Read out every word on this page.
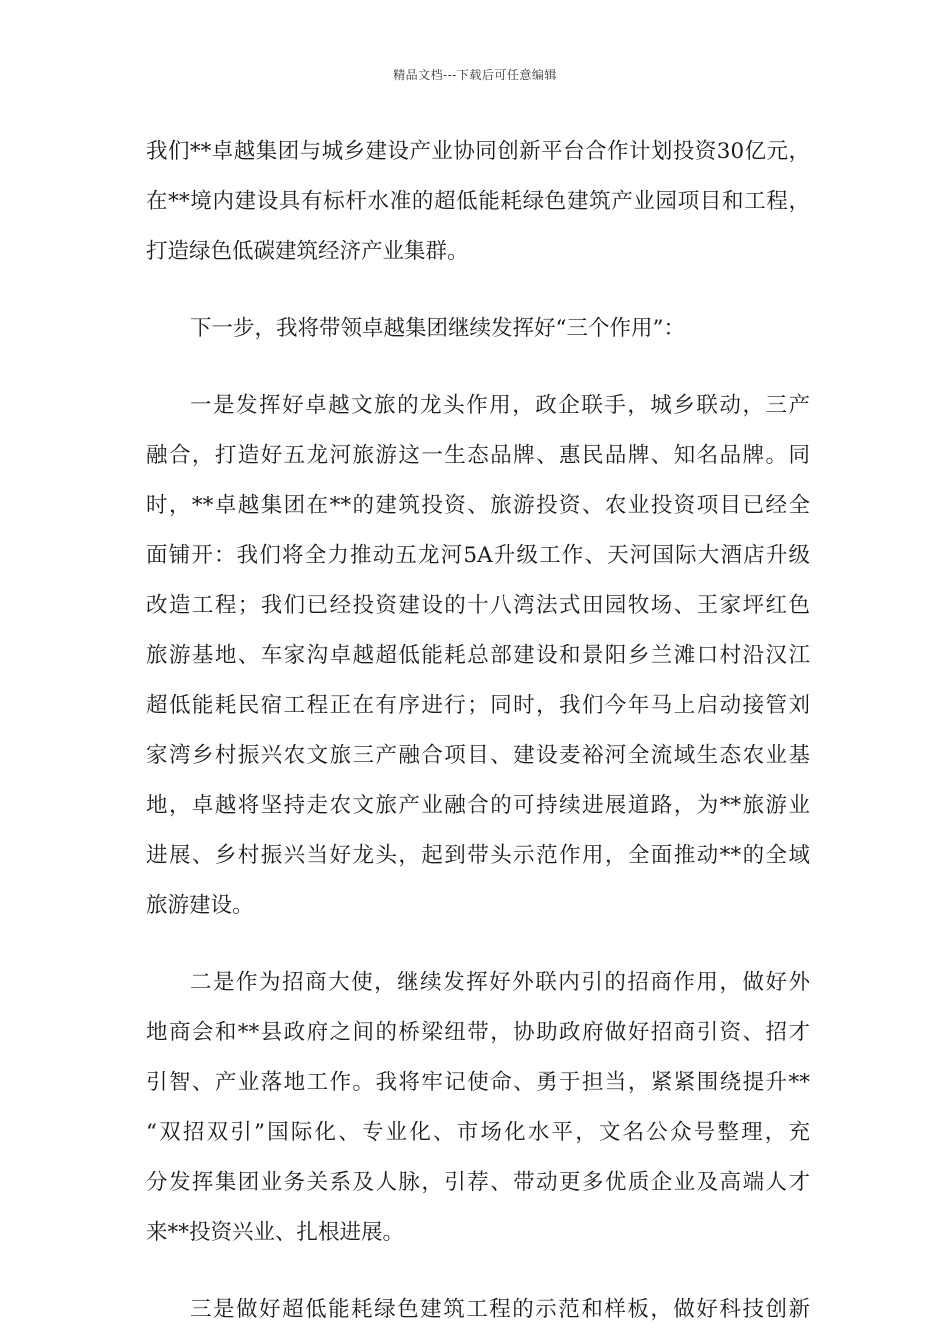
精品文档---下载后可任意编辑
我们**卓越集团与城乡建设产业协同创新平台合作计划投资30亿元，
在**境内建设具有标杆水准的超低能耗绿色建筑产业园项目和工程，
打造绿色低碳建筑经济产业集群。
下一步，我将带领卓越集团继续发挥好“三个作用”：
一是发挥好卓越文旅的龙头作用，政企联手，城乡联动，三产
融合，打造好五龙河旅游这一生态品牌、惠民品牌、知名品牌。同
时，**卓越集团在**的建筑投资、旅游投资、农业投资项目已经全
面铺开：我们将全力推动五龙河5A升级工作、天河国际大酒店升级
改造工程；我们已经投资建设的十八湾法式田园牧场、王家坪红色
旅游基地、车家沟卓越超低能耗总部建设和景阳乡兰滩口村沿汉江
超低能耗民宿工程正在有序进行；同时，我们今年马上启动接管刘
家湾乡村振兴农文旅三产融合项目、建设麦裕河全流域生态农业基
地，卓越将坚持走农文旅产业融合的可持续进展道路，为**旅游业
进展、乡村振兴当好龙头，起到带头示范作用，全面推动**的全域
旅游建设。
二是作为招商大使，继续发挥好外联内引的招商作用，做好外
地商会和**县政府之间的桥梁纽带，协助政府做好招商引资、招才
引智、产业落地工作。我将牢记使命、勇于担当，紧紧围绕提升**
“双招双引”国际化、专业化、市场化水平，文名公众号整理，充
分发挥集团业务关系及人脉，引荐、带动更多优质企业及高端人才
来**投资兴业、扎根进展。
三是做好超低能耗绿色建筑工程的示范和样板，做好科技创新
